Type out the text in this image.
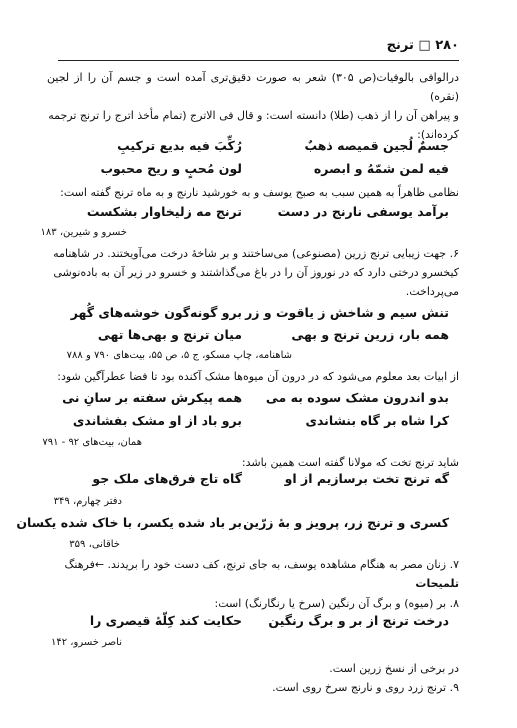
۲۸۰ □ ترنج
درالوافی بالوفیات(ص ۳۰۵) شعر به صورت دقیق‌تری آمده است و جسم آن را از لجین (نقره)
و پیراهن آن را از ذهب (طلا) دانسته است: و قال فی الاترج (تمام مأخذ اترج را ترنج ترجمه
کرده‌اند):
جسمٌ لُجین قمیصه ذهبٌ
رُکِّبَ فیه بدیع ترکیبِ
فیه لمن شمّهُ و ابصره
لون مُحبٍ و ریح محبوب
نظامی ظاهراً به همین سبب به صبح یوسف و به خورشید نارنج و به ماه ترنج گفته است:
برآمد یوسفی نارنج در دست
ترنج مه زلیخاوار بشکست
خسرو و شیرین، ۱۸۳
۶. جهت زیبایی ترنج زرین (مصنوعی) می‌ساختند و بر شاخهٔ درخت می‌آویختند. در شاهنامه
کیخسرو درختی دارد که در نوروز آن را در باغ می‌گذاشتند و خسرو در زیر آن به باده‌نوشی
می‌پرداخت.
تنش سیم و شاخش ز یاقوت و زر
برو گونه‌گون خوشه‌های گُهر
همه بار، زرین ترنج و بهی
میان ترنج و بهی‌ها تهی
شاهنامه، چاپ مسکو، ج ۵، ص ۵۵، بیت‌های ۷۹۰ و ۷۸۸
از ابیات بعد معلوم می‌شود که در درون آن میوه‌ها مشک آکنده بود تا فضا عطرآگین شود:
بدو اندرون مشک سوده به می
همه پیکرش سفته بر سانِ نی
کرا شاه بر گاه بنشاندی
برو باد از او مشک بفشاندی
همان، بیت‌های ۹۲ - ۷۹۱
شاید ترنج تخت که مولانا گفته است همین باشد:
گه ترنج تخت برسازیم از او
گاه تاج فرق‌های ملک جو
دفتر چهارم، ۳۴۹
کسری و ترنج زر، پرویز و بهٔ زرّین
بر باد شده یکسر، با خاک شده یکسان
خاقانی، ۳۵۹
۷. زنان مصر به هنگام مشاهده یوسف، به جای ترنج، کف دست خود را بریدند. ←فرهنگ
تلمیحات
۸. بر (میوه) و برگ آن رنگین (سرخ یا رنگارنگ) است:
درخت ترنج از بر و برگ رنگین
حکایت کند کِلّهٔ قیصری را
ناصر خسرو، ۱۴۲
در برخی از نسخ زرین است.
۹. ترنج زرد روی و نارنج سرخ روی است.
